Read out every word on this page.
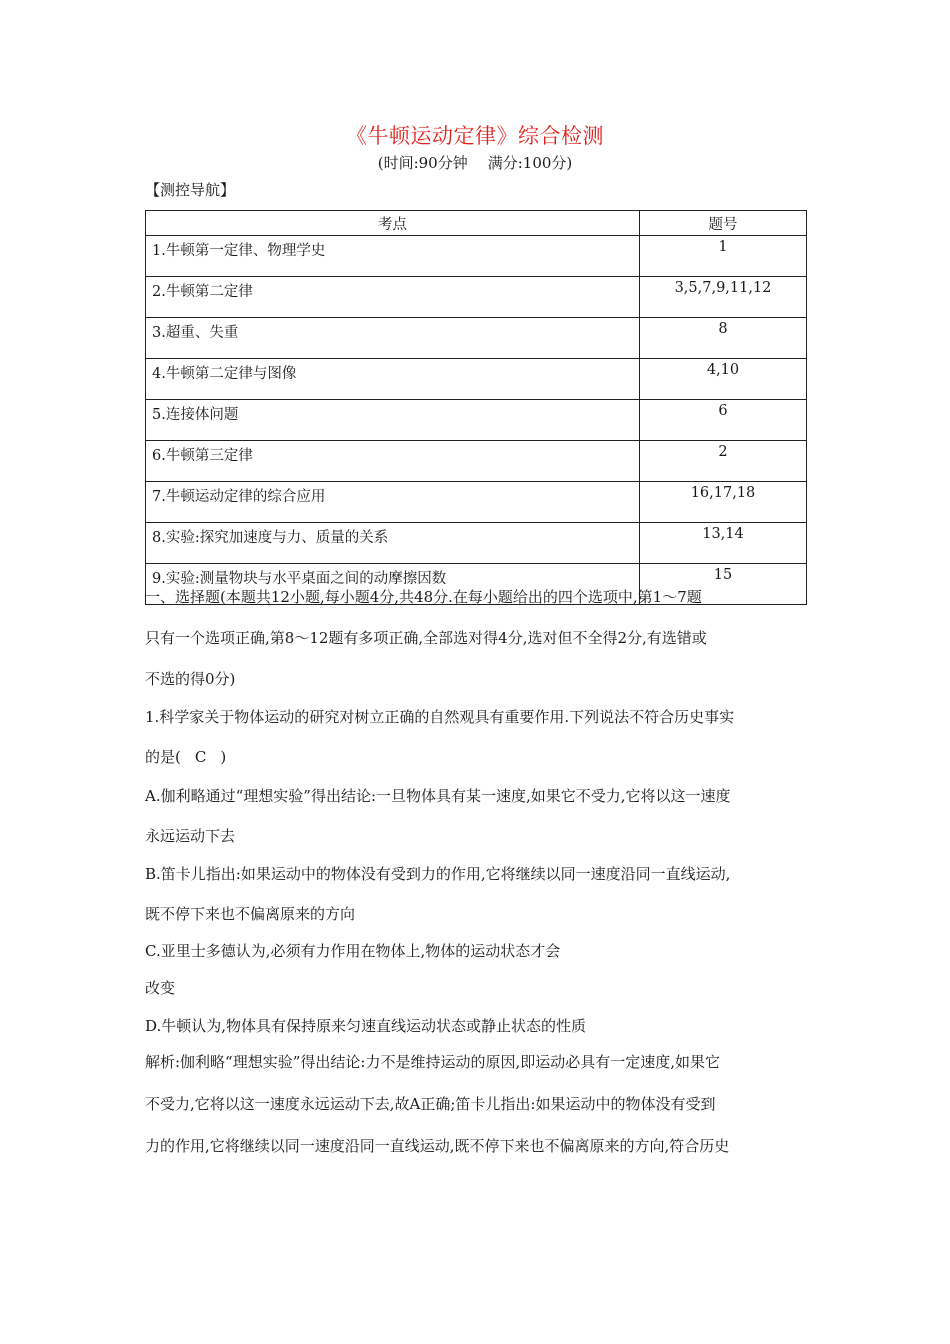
《牛顿运动定律》综合检测
(时间:90分钟 满分:100分)
【测控导航】
考点	题号
1.牛顿第一定律、物理学史	1
2.牛顿第二定律	3,5,7,9,11,12
3.超重、失重	8
4.牛顿第二定律与图像	4,10
5.连接体问题	6
6.牛顿第三定律	2
7.牛顿运动定律的综合应用	16,17,18
8.实验:探究加速度与力、质量的关系	13,14
9.实验:测量物块与水平桌面之间的动摩擦因数	15
一、选择题(本题共12小题,每小题4分,共48分.在每小题给出的四个选项中,第1～7题
只有一个选项正确,第8～12题有多项正确,全部选对得4分,选对但不全得2分,有选错或
不选的得0分)
1.科学家关于物体运动的研究对树立正确的自然观具有重要作用.下列说法不符合历史事实
的是( C )
A.伽利略通过“理想实验”得出结论:一旦物体具有某一速度,如果它不受力,它将以这一速度
永远运动下去
B.笛卡儿指出:如果运动中的物体没有受到力的作用,它将继续以同一速度沿同一直线运动,
既不停下来也不偏离原来的方向
C.亚里士多德认为,必须有力作用在物体上,物体的运动状态才会
改变
D.牛顿认为,物体具有保持原来匀速直线运动状态或静止状态的性质
解析:伽利略“理想实验”得出结论:力不是维持运动的原因,即运动必具有一定速度,如果它
不受力,它将以这一速度永远运动下去,故A正确;笛卡儿指出:如果运动中的物体没有受到
力的作用,它将继续以同一速度沿同一直线运动,既不停下来也不偏离原来的方向,符合历史
